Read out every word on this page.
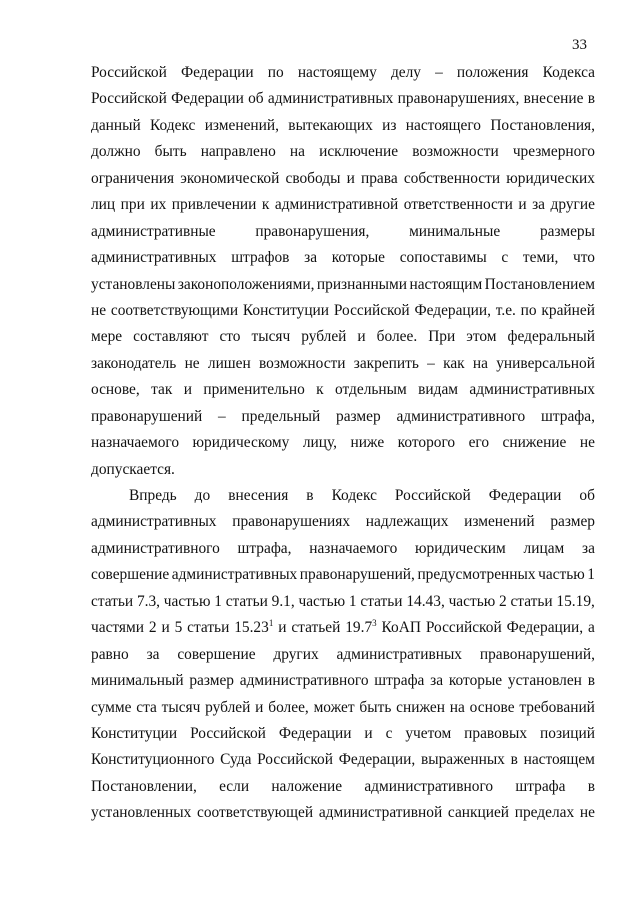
33
Российской Федерации по настоящему делу – положения Кодекса
Российской Федерации об административных правонарушениях, внесение в
данный Кодекс изменений, вытекающих из настоящего Постановления,
должно быть направлено на исключение возможности чрезмерного
ограничения экономической свободы и права собственности юридических
лиц при их привлечении к административной ответственности и за другие
административные	правонарушения,	минимальные	размеры
административных штрафов за которые сопоставимы с теми, что
установлены законоположениями, признанными настоящим Постановлением
не соответствующими Конституции Российской Федерации, т.е. по крайней
мере составляют сто тысяч рублей и более. При этом федеральный
законодатель не лишен возможности закрепить – как на универсальной
основе, так и применительно к отдельным видам административных
правонарушений – предельный размер административного штрафа,
назначаемого юридическому лицу, ниже которого его снижение не
допускается.
Впредь до внесения в Кодекс Российской Федерации об
административных правонарушениях надлежащих изменений размер
административного штрафа, назначаемого юридическим лицам за
совершение административных правонарушений, предусмотренных частью 1
статьи 7.3, частью 1 статьи 9.1, частью 1 статьи 14.43, частью 2 статьи 15.19,
частями 2 и 5 статьи 15.23$^1$ и статьей 19.7$^3$ КоАП Российской Федерации, а
равно за совершение других административных правонарушений,
минимальный размер административного штрафа за которые установлен в
сумме ста тысяч рублей и более, может быть снижен на основе требований
Конституции Российской Федерации и с учетом правовых позиций
Конституционного Суда Российской Федерации, выраженных в настоящем
Постановлении, если наложение административного штрафа в
установленных соответствующей административной санкцией пределах не
